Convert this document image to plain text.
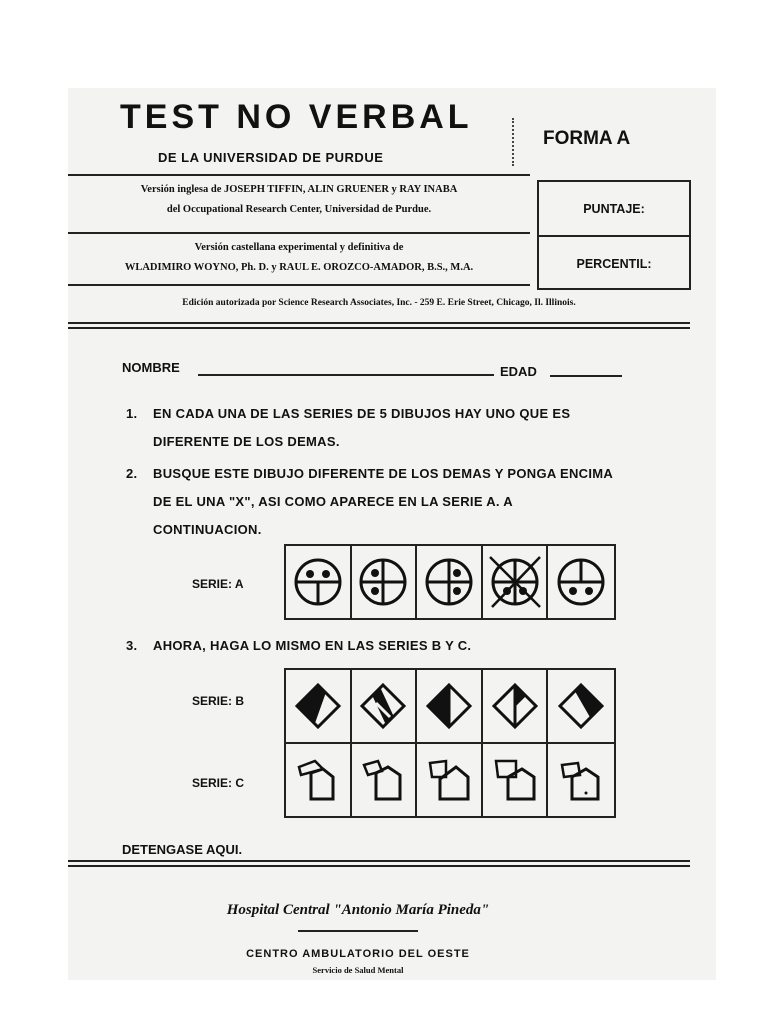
TEST NO VERBAL
DE LA UNIVERSIDAD DE PURDUE
FORMA A
Versión inglesa de JOSEPH TIFFIN, ALIN GRUENER y RAY INABA
del Occupational Research Center, Universidad de Purdue.
Versión castellana experimental y definitiva de
WLADIMIRO WOYNO, Ph. D. y RAUL E. OROZCO-AMADOR, B.S., M.A.
PUNTAJE:
PERCENTIL:
Edición autorizada por Science Research Associates, Inc. - 259 E. Erie Street, Chicago, Il. Illinois.
NOMBRE	EDAD
1. EN CADA UNA DE LAS SERIES DE 5 DIBUJOS HAY UNO QUE ES DIFERENTE DE LOS DEMAS.
2. BUSQUE ESTE DIBUJO DIFERENTE DE LOS DEMAS Y PONGA ENCIMA DE EL UNA "X", ASI COMO APARECE EN LA SERIE A. A CONTINUACION.
SERIE: A
3. AHORA, HAGA LO MISMO EN LAS SERIES B Y C.
SERIE: B
SERIE: C
DETENGASE AQUI.
Hospital Central "Antonio María Pineda"
CENTRO AMBULATORIO DEL OESTE
Servicio de Salud Mental
